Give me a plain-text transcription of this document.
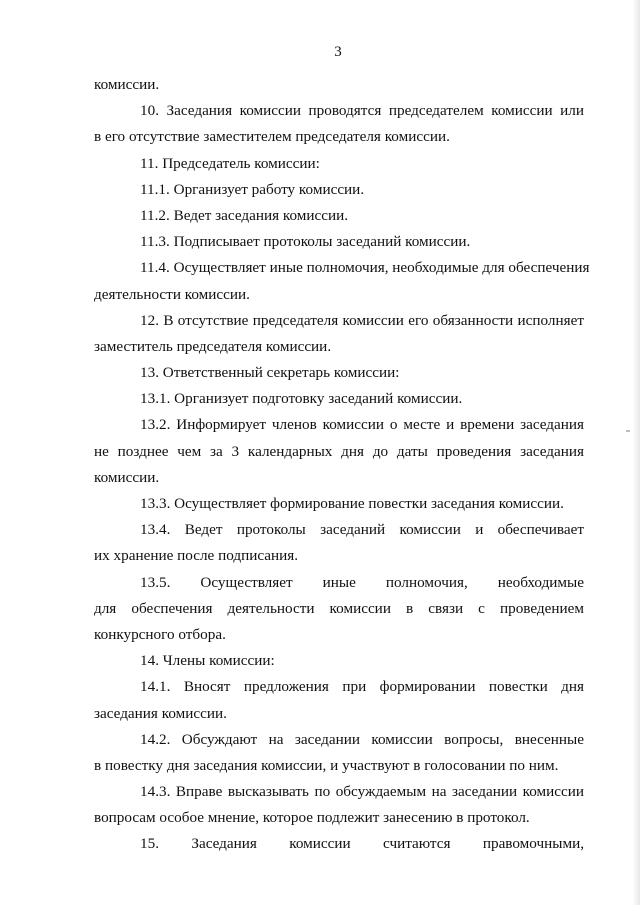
3
комиссии.
10. Заседания комиссии проводятся председателем комиссии или
в его отсутствие заместителем председателя комиссии.
11. Председатель комиссии:
11.1. Организует работу комиссии.
11.2. Ведет заседания комиссии.
11.3. Подписывает протоколы заседаний комиссии.
11.4. Осуществляет иные полномочия, необходимые для обеспечения
деятельности комиссии.
12. В отсутствие председателя комиссии его обязанности исполняет
заместитель председателя комиссии.
13. Ответственный секретарь комиссии:
13.1. Организует подготовку заседаний комиссии.
13.2. Информирует членов комиссии о месте и времени заседания
не позднее чем за 3 календарных дня до даты проведения заседания
комиссии.
13.3. Осуществляет формирование повестки заседания комиссии.
13.4. Ведет протоколы заседаний комиссии и обеспечивает
их хранение после подписания.
13.5. Осуществляет иные полномочия, необходимые
для обеспечения деятельности комиссии в связи с проведением
конкурсного отбора.
14. Члены комиссии:
14.1. Вносят предложения при формировании повестки дня
заседания комиссии.
14.2. Обсуждают на заседании комиссии вопросы, внесенные
в повестку дня заседания комиссии, и участвуют в голосовании по ним.
14.3. Вправе высказывать по обсуждаемым на заседании комиссии
вопросам особое мнение, которое подлежит занесению в протокол.
15. Заседания комиссии считаются правомочными,
